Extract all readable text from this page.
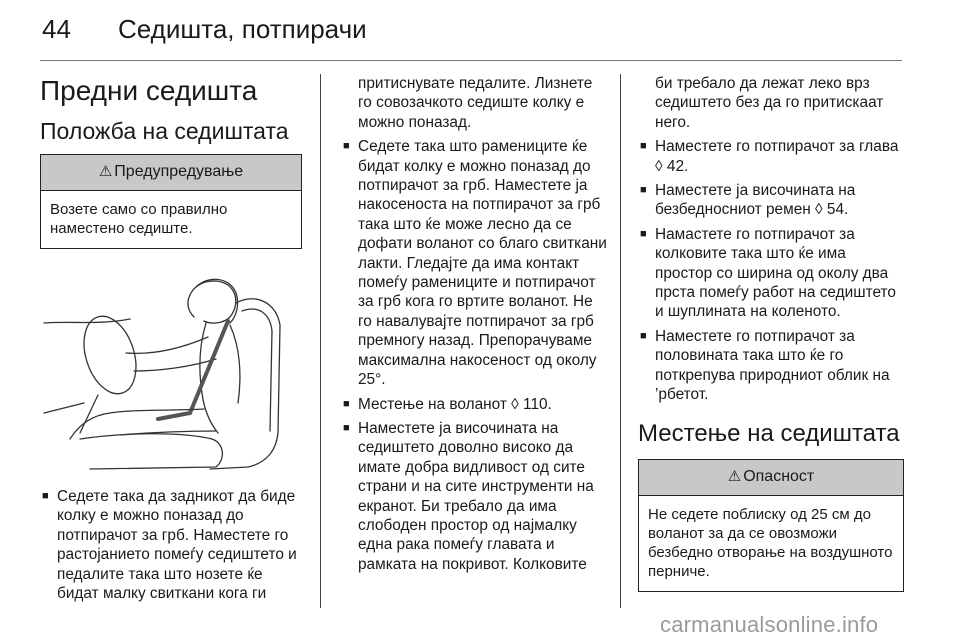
44	Седишта, потпирачи
Предни седишта
Положба на седиштата
⚠ Предупредување
Возете само со правилно наместено седиште.
■ Седете така да задникот да биде колку е можно поназад до потпирачот за грб. Наместете го растојанието помеѓу седиштето и педалите така што нозете ќе бидат малку свиткани кога ги
притиснувате педалите. Лизнете го совозачкото седиште колку е можно поназад.
■ Седете така што рамениците ќе бидат колку е можно поназад до потпирачот за грб. Наместете ја накосеноста на потпирачот за грб така што ќе може лесно да се дофати воланот со благо свиткани лакти. Гледајте да има контакт помеѓу рамениците и потпирачот за грб кога го вртите воланот. Не го навалувајте потпирачот за грб премногу назад. Препорачуваме максимална накосеност од околу 25°.
■ Местење на воланот ◊ 110.
■ Наместете ја височината на седиштето доволно високо да имате добра видливост од сите страни и на сите инструменти на екранот. Би требало да има слободен простор од најмалку една рака помеѓу главата и рамката на покривот. Колковите
би требало да лежат леко врз седиштето без да го притискаат него.
■ Наместете го потпирачот за глава ◊ 42.
■ Наместете ја височината на безбедносниот ремен ◊ 54.
■ Намастете го потпирачот за колковите така што ќе има простор со ширина од околу два прста помеѓу работ на седиштето и шуплината на коленото.
■ Наместете го потпирачот за половината така што ќе го поткрепува природниот облик на ’рбетот.
Местење на седиштата
⚠ Опасност
Не седете поблиску од 25 см до воланот за да се овозможи безбедно отворање на воздушното перниче.
carmanualsonline.info
